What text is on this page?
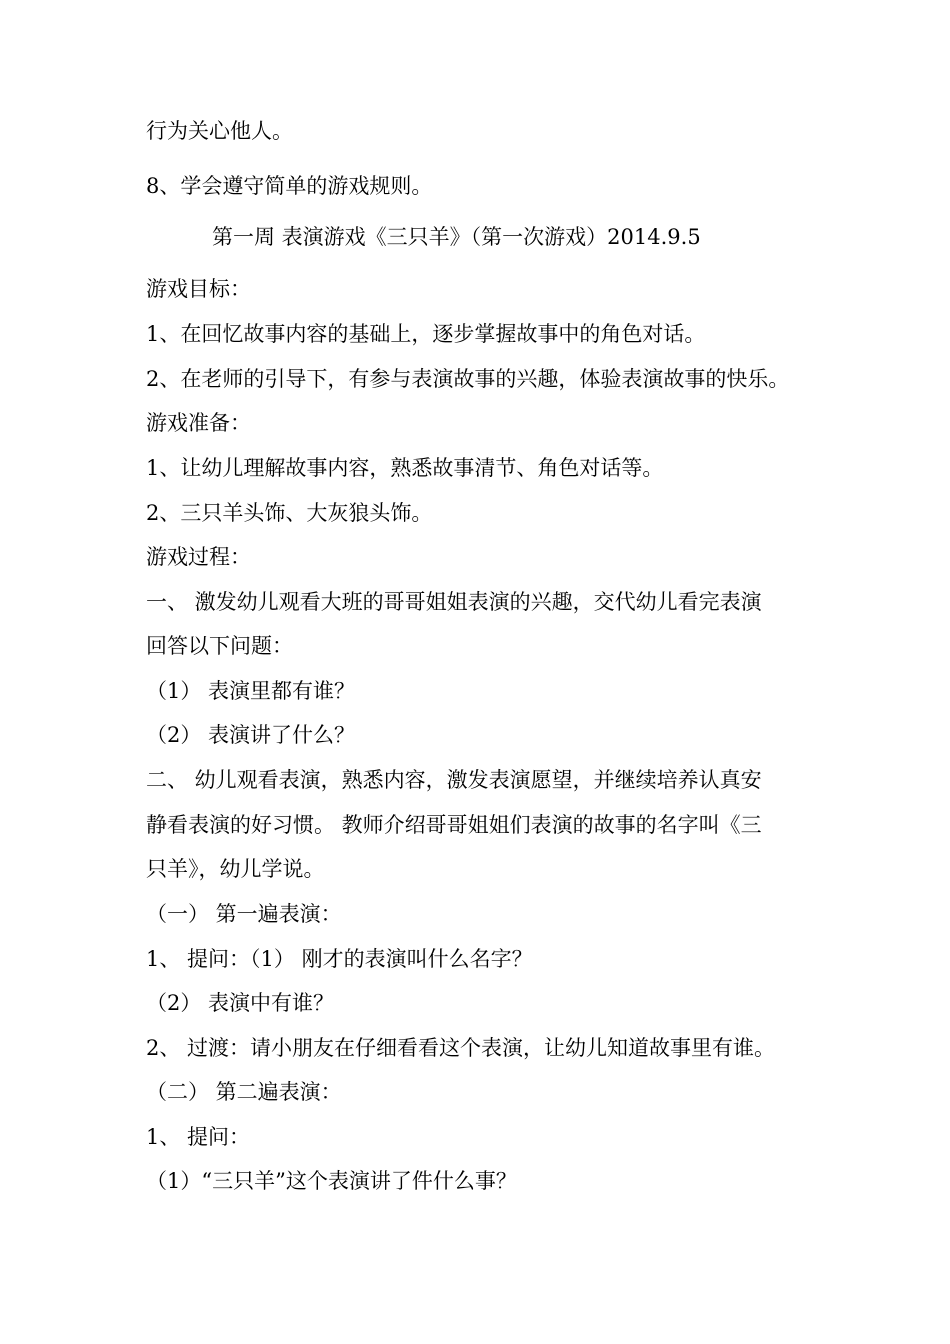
行为关心他人。
8、学会遵守简单的游戏规则。
第一周 表演游戏《三只羊》（第一次游戏）2014.9.5
游戏目标：
1、在回忆故事内容的基础上，逐步掌握故事中的角色对话。
2、在老师的引导下，有参与表演故事的兴趣，体验表演故事的快乐。
游戏准备：
1、让幼儿理解故事内容，熟悉故事清节、角色对话等。
2、三只羊头饰、大灰狼头饰。
游戏过程：
一、 激发幼儿观看大班的哥哥姐姐表演的兴趣，交代幼儿看完表演
回答以下问题：
（1） 表演里都有谁？
（2） 表演讲了什么？
二、 幼儿观看表演，熟悉内容，激发表演愿望，并继续培养认真安
静看表演的好习惯。 教师介绍哥哥姐姐们表演的故事的名字叫《三
只羊》，幼儿学说。
（一） 第一遍表演：
1、 提问：（1） 刚才的表演叫什么名字？
（2） 表演中有谁？
2、 过渡：请小朋友在仔细看看这个表演，让幼儿知道故事里有谁。
（二） 第二遍表演：
1、 提问：
（1）“三只羊”这个表演讲了件什么事？
